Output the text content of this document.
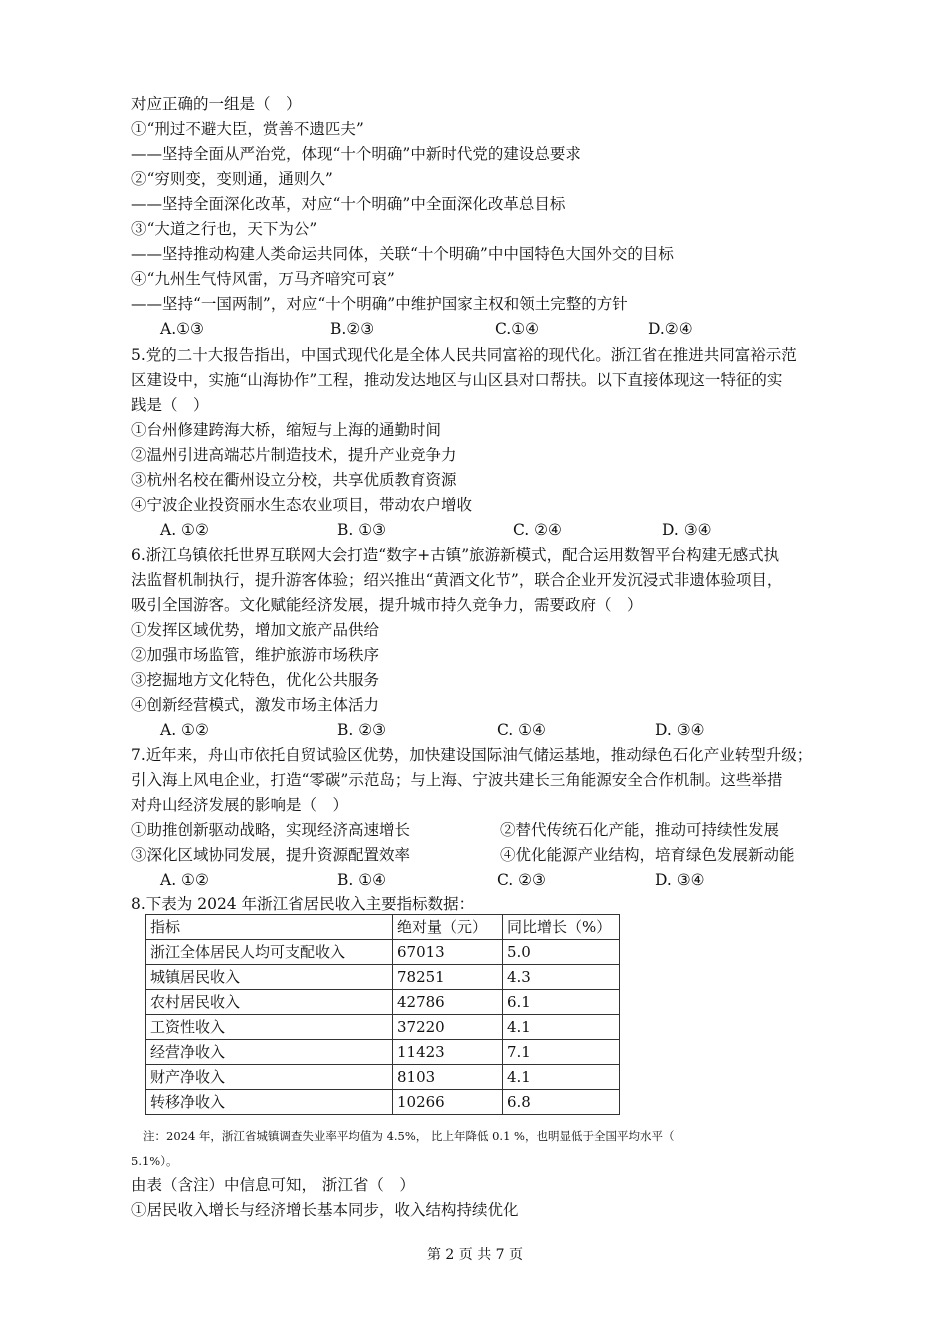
对应正确的一组是（　）
①“刑过不避大臣，赏善不遗匹夫”
——坚持全面从严治党，体现“十个明确”中新时代党的建设总要求
②“穷则变，变则通，通则久”
——坚持全面深化改革，对应“十个明确”中全面深化改革总目标
③“大道之行也，天下为公”
——坚持推动构建人类命运共同体，关联“十个明确”中中国特色大国外交的目标
④“九州生气恃风雷，万马齐喑究可哀”
——坚持“一国两制”，对应“十个明确”中维护国家主权和领土完整的方针
A.①③	B.②③	C.①④	D.②④
5.党的二十大报告指出，中国式现代化是全体人民共同富裕的现代化。浙江省在推进共同富裕示范
区建设中，实施“山海协作”工程，推动发达地区与山区县对口帮扶。以下直接体现这一特征的实
践是（　）
①台州修建跨海大桥，缩短与上海的通勤时间
②温州引进高端芯片制造技术，提升产业竞争力
③杭州名校在衢州设立分校，共享优质教育资源
④宁波企业投资丽水生态农业项目，带动农户增收
A. ①②	B. ①③	C. ②④	D. ③④
6.浙江乌镇依托世界互联网大会打造“数字+古镇”旅游新模式，配合运用数智平台构建无感式执
法监督机制执行，提升游客体验；绍兴推出“黄酒文化节”，联合企业开发沉浸式非遗体验项目，
吸引全国游客。文化赋能经济发展，提升城市持久竞争力，需要政府（　）
①发挥区域优势，增加文旅产品供给
②加强市场监管，维护旅游市场秩序
③挖掘地方文化特色，优化公共服务
④创新经营模式，激发市场主体活力
A. ①②	B. ②③	C. ①④	D. ③④
7.近年来，舟山市依托自贸试验区优势，加快建设国际油气储运基地，推动绿色石化产业转型升级；
引入海上风电企业，打造“零碳”示范岛；与上海、宁波共建长三角能源安全合作机制。这些举措
对舟山经济发展的影响是（　）
①助推创新驱动战略，实现经济高速增长	②替代传统石化产能，推动可持续性发展
③深化区域协同发展，提升资源配置效率	④优化能源产业结构，培育绿色发展新动能
A. ①②	B. ①④	C. ②③	D. ③④
8.下表为 2024 年浙江省居民收入主要指标数据：
指标	绝对量（元）	同比增长（%）
浙江全体居民人均可支配收入	67013	5.0
城镇居民收入	78251	4.3
农村居民收入	42786	6.1
工资性收入	37220	4.1
经营净收入	11423	7.1
财产净收入	8103	4.1
转移净收入	10266	6.8
注：2024 年，浙江省城镇调查失业率平均值为 4.5%， 比上年降低 0.1 %，也明显低于全国平均水平（
5.1%）。
由表（含注）中信息可知， 浙江省（　）
①居民收入增长与经济增长基本同步，收入结构持续优化
第 2 页 共 7 页
